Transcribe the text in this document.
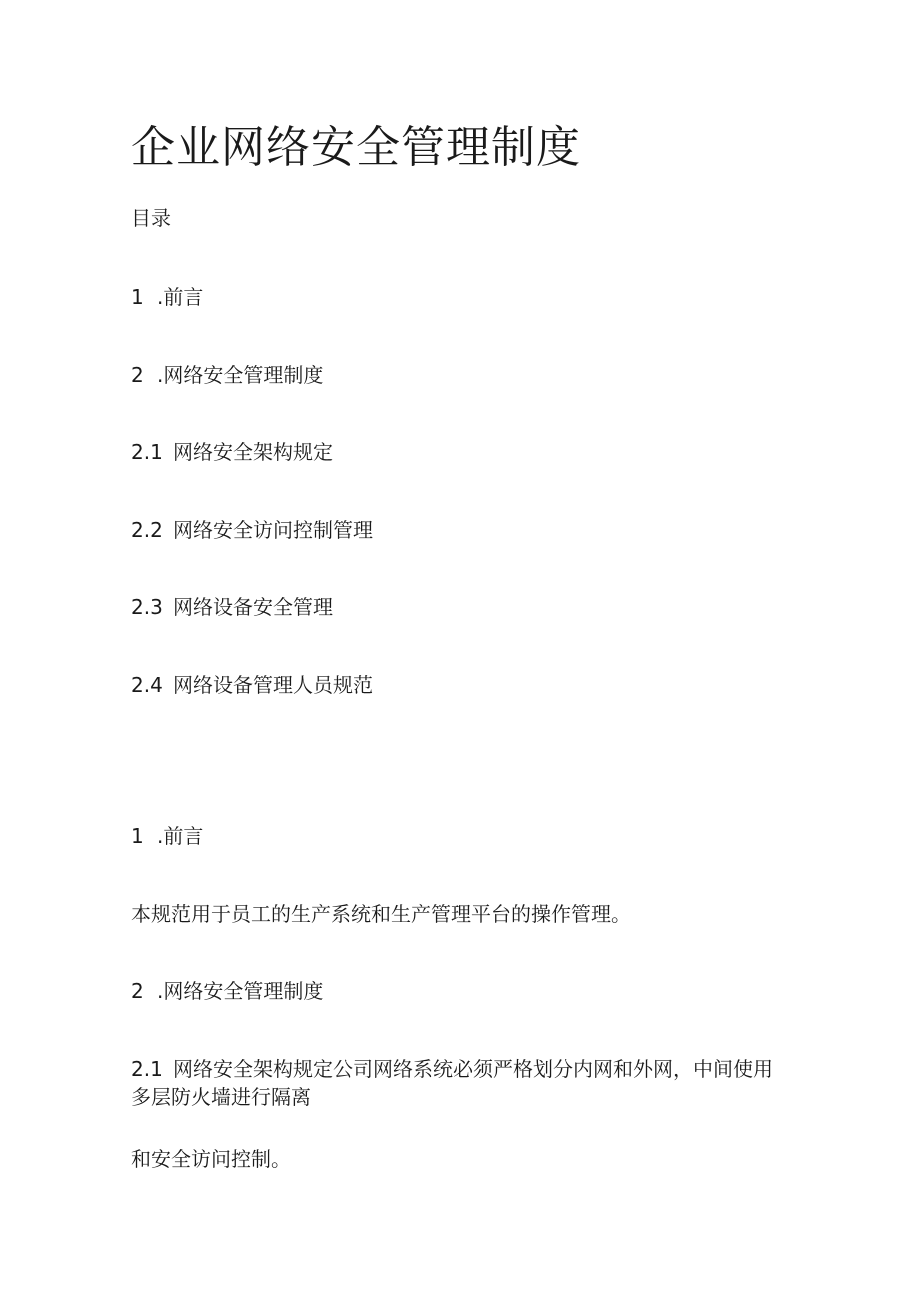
企业网络安全管理制度

目录

1 .前言

2 .网络安全管理制度

2.1 网络安全架构规定

2.2 网络安全访问控制管理

2.3 网络设备安全管理

2.4 网络设备管理人员规范

1 .前言

本规范用于员工的生产系统和生产管理平台的操作管理。

2 .网络安全管理制度

2.1 网络安全架构规定公司网络系统必须严格划分内网和外网，中间使用多层防火墙进行隔离

和安全访问控制。
